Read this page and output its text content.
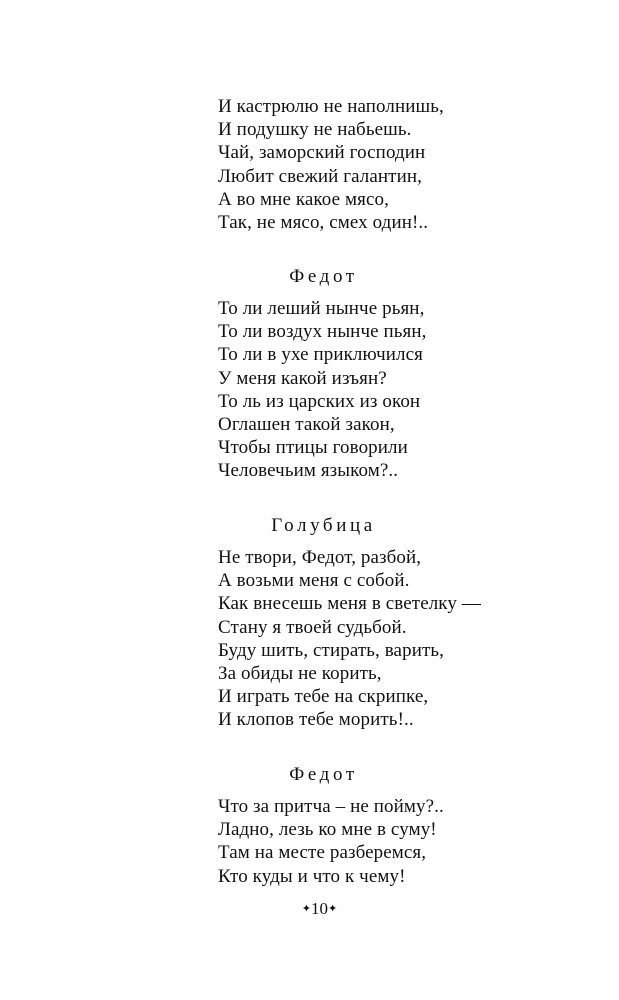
И кастрюлю не наполнишь,
И подушку не набьешь.
Чай, заморский господин
Любит свежий галантин,
А во мне какое мясо,
Так, не мясо, смех один!..
Федот
То ли леший нынче рьян,
То ли воздух нынче пьян,
То ли в ухе приключился
У меня какой изъян?
То ль из царских из окон
Оглашен такой закон,
Чтобы птицы говорили
Человечьим языком?..
Голубица
Не твори, Федот, разбой,
А возьми меня с собой.
Как внесешь меня в светелку —
Стану я твоей судьбой.
Буду шить, стирать, варить,
За обиды не корить,
И играть тебе на скрипке,
И клопов тебе морить!..
Федот
Что за притча – не пойму?..
Ладно, лезь ко мне в суму!
Там на месте разберемся,
Кто куды и что к чему!
✦10✦
